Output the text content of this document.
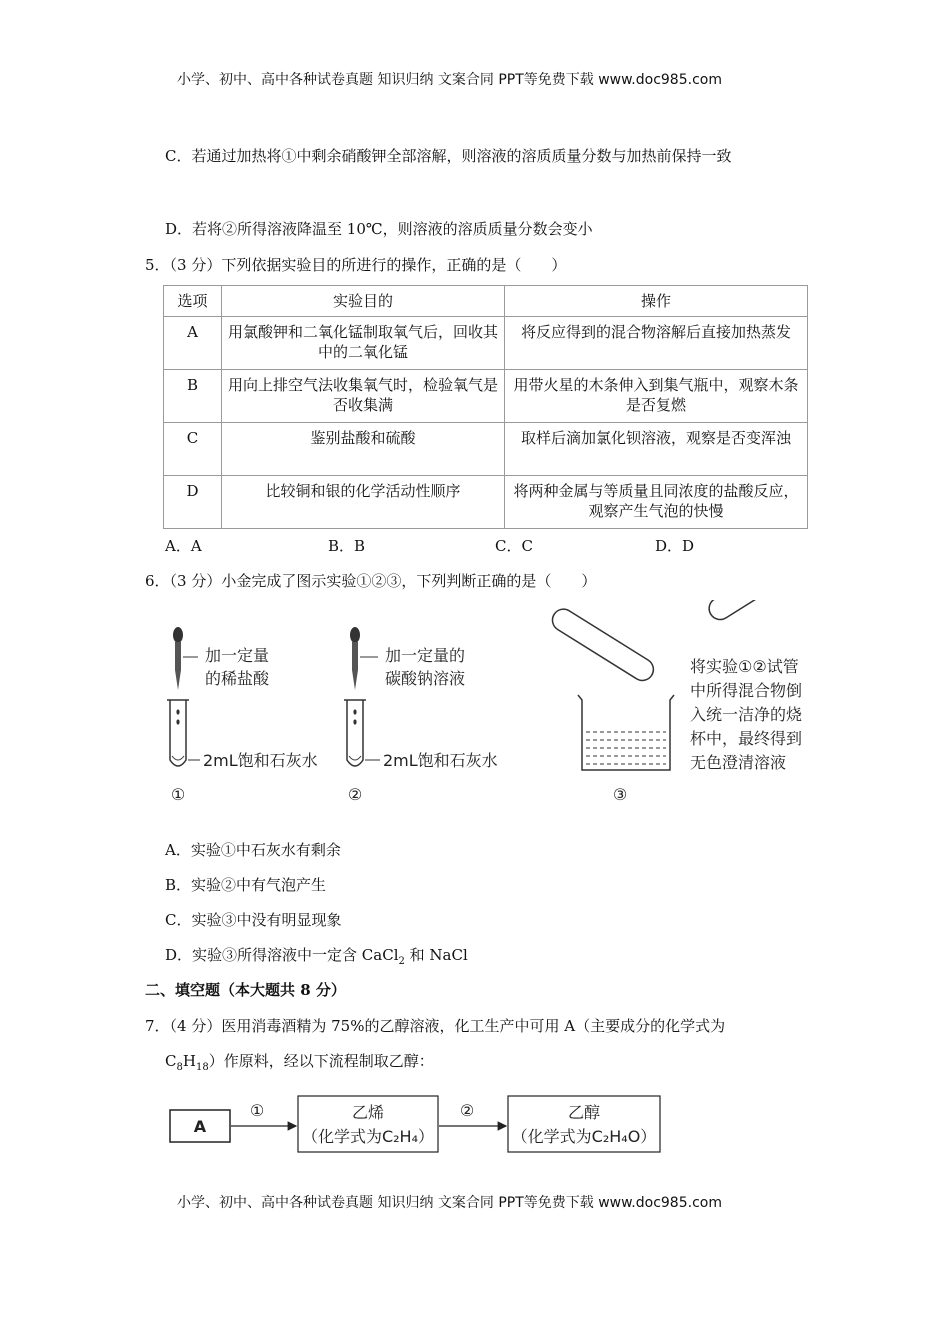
小学、初中、高中各种试卷真题 知识归纳 文案合同 PPT等免费下载 www.doc985.com
C．若通过加热将①中剩余硝酸钾全部溶解，则溶液的溶质质量分数与加热前保持一致
D．若将②所得溶液降温至 10℃，则溶液的溶质质量分数会变小
5．（3 分）下列依据实验目的所进行的操作，正确的是（　　）
选项	实验目的	操作
A	用氯酸钾和二氧化锰制取氧气后，回收其中的二氧化锰	将反应得到的混合物溶解后直接加热蒸发
B	用向上排空气法收集氧气时，检验氧气是否收集满	用带火星的木条伸入到集气瓶中，观察木条是否复燃
C	鉴别盐酸和硫酸	取样后滴加氯化钡溶液，观察是否变浑浊
D	比较铜和银的化学活动性顺序	将两种金属与等质量且同浓度的盐酸反应，观察产生气泡的快慢
A．A	B．B	C．C	D．D
6．（3 分）小金完成了图示实验①②③，下列判断正确的是（　　）
加一定量
的稀盐酸
2mL饱和石灰水
①
加一定量的
碳酸钠溶液
2mL饱和石灰水
②
将实验①②试管
中所得混合物倒
入统一洁净的烧
杯中，最终得到
无色澄清溶液
③
A．实验①中石灰水有剩余
B．实验②中有气泡产生
C．实验③中没有明显现象
D．实验③所得溶液中一定含 CaCl$_2$ 和 NaCl
二、填空题（本大题共 8 分）
7．（4 分）医用消毒酒精为 75%的乙醇溶液，化工生产中可用 A（主要成分的化学式为
$C_8H_{18}$）作原料，经以下流程制取乙醇：
A
①	乙烯
（化学式为C₂H₄）
②	乙醇
（化学式为C₂H₄O）
小学、初中、高中各种试卷真题 知识归纳 文案合同 PPT等免费下载 www.doc985.com
